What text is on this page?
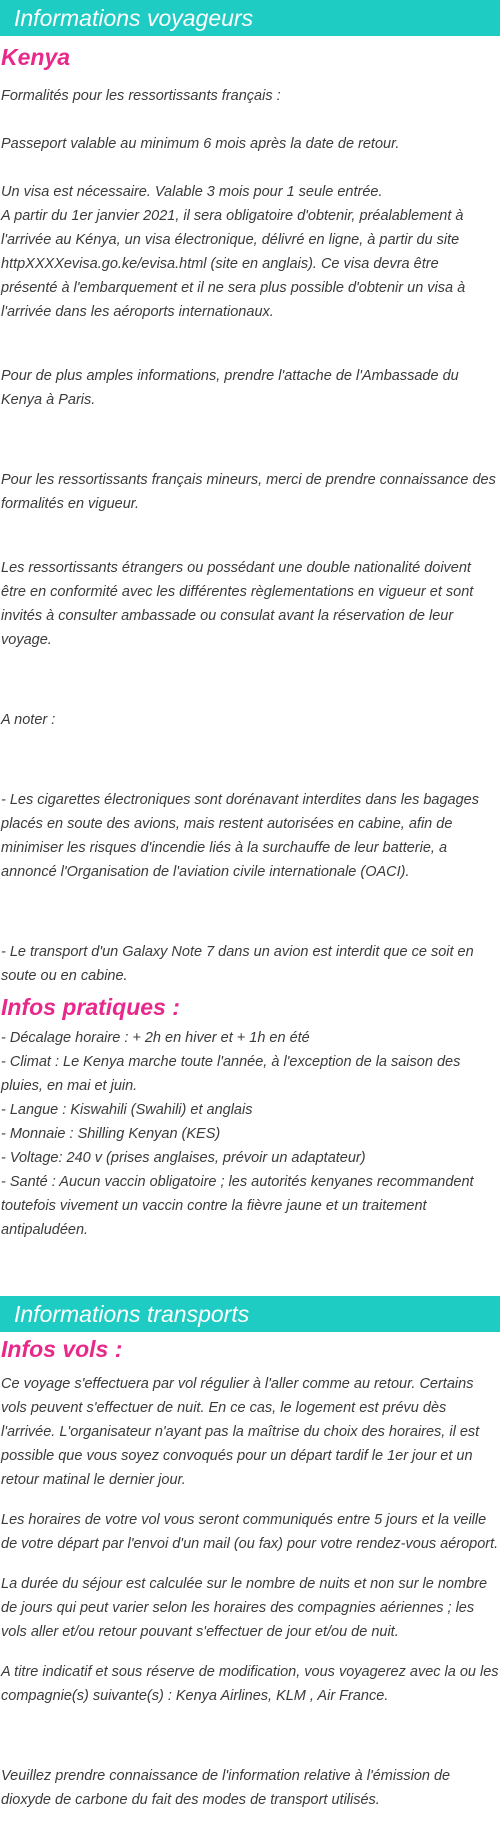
Informations voyageurs
Kenya

Formalités pour les ressortissants français :

Passeport valable au minimum 6 mois après la date de retour.

Un visa est nécessaire. Valable 3 mois pour 1 seule entrée.

A partir du 1er janvier 2021, il sera obligatoire d'obtenir, préalablement à l'arrivée au Kénya, un visa électronique, délivré en ligne, à partir du site httpXXXXevisa.go.ke/evisa.html (site en anglais). Ce visa devra être présenté à l'embarquement et il ne sera plus possible d'obtenir un visa à l'arrivée dans les aéroports internationaux.

Pour de plus amples informations, prendre l'attache de l'Ambassade du Kenya à Paris.

Pour les ressortissants français mineurs, merci de prendre connaissance des formalités en vigueur.

Les ressortissants étrangers ou possédant une double nationalité doivent être en conformité avec les différentes règlementations en vigueur et sont invités à consulter ambassade ou consulat avant la réservation de leur voyage.

A noter :

- Les cigarettes électroniques sont dorénavant interdites dans les bagages placés en soute des avions, mais restent autorisées en cabine, afin de minimiser les risques d'incendie liés à la surchauffe de leur batterie, a annoncé l'Organisation de l'aviation civile internationale (OACI).

- Le transport d'un Galaxy Note 7 dans un avion est interdit que ce soit en soute ou en cabine.

Infos pratiques :

- Décalage horaire : + 2h en hiver et + 1h en été

- Climat : Le Kenya marche toute l'année, à l'exception de la saison des pluies, en mai et juin.

- Langue : Kiswahili (Swahili) et anglais

- Monnaie : Shilling Kenyan (KES)

- Voltage: 240 v (prises anglaises, prévoir un adaptateur)

- Santé : Aucun vaccin obligatoire ; les autorités kenyanes recommandent toutefois vivement un vaccin contre la fièvre jaune et un traitement antipaludéen.

Informations transports
Infos vols :

Ce voyage s'effectuera par vol régulier à l'aller comme au retour. Certains vols peuvent s'effectuer de nuit. En ce cas, le logement est prévu dès l'arrivée. L'organisateur n'ayant pas la maîtrise du choix des horaires, il est possible que vous soyez convoqués pour un départ tardif le 1er jour et un retour matinal le dernier jour.

Les horaires de votre vol vous seront communiqués entre 5 jours et la veille de votre départ par l'envoi d'un mail (ou fax) pour votre rendez-vous aéroport.

La durée du séjour est calculée sur le nombre de nuits et non sur le nombre de jours qui peut varier selon les horaires des compagnies aériennes ; les vols aller et/ou retour pouvant s'effectuer de jour et/ou de nuit.

A titre indicatif et sous réserve de modification, vous voyagerez avec la ou les compagnie(s) suivante(s) : Kenya Airlines, KLM , Air France.

Veuillez prendre connaissance de l'information relative à l'émission de dioxyde de carbone du fait des modes de transport utilisés.
